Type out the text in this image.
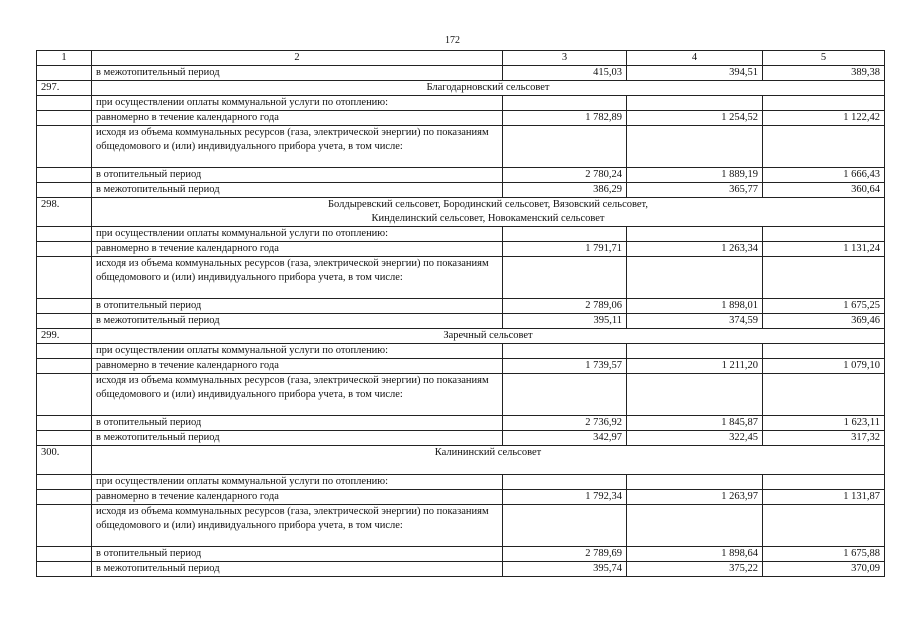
172
1	2	3	4	5
	в межотопительный период	415,03	394,51	389,38
297.	Благодарновский сельсовет			

	при осуществлении оплаты коммунальной услуги по отоплению:			
	равномерно в течение календарного года	1 782,89	1 254,52	1 122,42
	исходя из объема коммунальных ресурсов (газа, электрической энергии) по показаниям общедомового и (или) индивидуального прибора учета, в том числе:			
	в отопительный период	2 780,24	1 889,19	1 666,43
	в межотопительный период	386,29	365,77	360,64
298.	Болдыревский сельсовет, Бородинский сельсовет, Вязовский сельсовет,
Кинделинский сельсовет, Новокаменский сельсовет			

	при осуществлении оплаты коммунальной услуги по отоплению:			
	равномерно в течение календарного года	1 791,71	1 263,34	1 131,24
	исходя из объема коммунальных ресурсов (газа, электрической энергии) по показаниям общедомового и (или) индивидуального прибора учета, в том числе:			
	в отопительный период	2 789,06	1 898,01	1 675,25
	в межотопительный период	395,11	374,59	369,46
299.	Заречный сельсовет			

	при осуществлении оплаты коммунальной услуги по отоплению:			
	равномерно в течение календарного года	1 739,57	1 211,20	1 079,10
	исходя из объема коммунальных ресурсов (газа, электрической энергии) по показаниям общедомового и (или) индивидуального прибора учета, в том числе:			
	в отопительный период	2 736,92	1 845,87	1 623,11
	в межотопительный период	342,97	322,45	317,32
300.	Калининский сельсовет			

	при осуществлении оплаты коммунальной услуги по отоплению:			
	равномерно в течение календарного года	1 792,34	1 263,97	1 131,87
	исходя из объема коммунальных ресурсов (газа, электрической энергии) по показаниям общедомового и (или) индивидуального прибора учета, в том числе:			
	в отопительный период	2 789,69	1 898,64	1 675,88
	в межотопительный период	395,74	375,22	370,09
